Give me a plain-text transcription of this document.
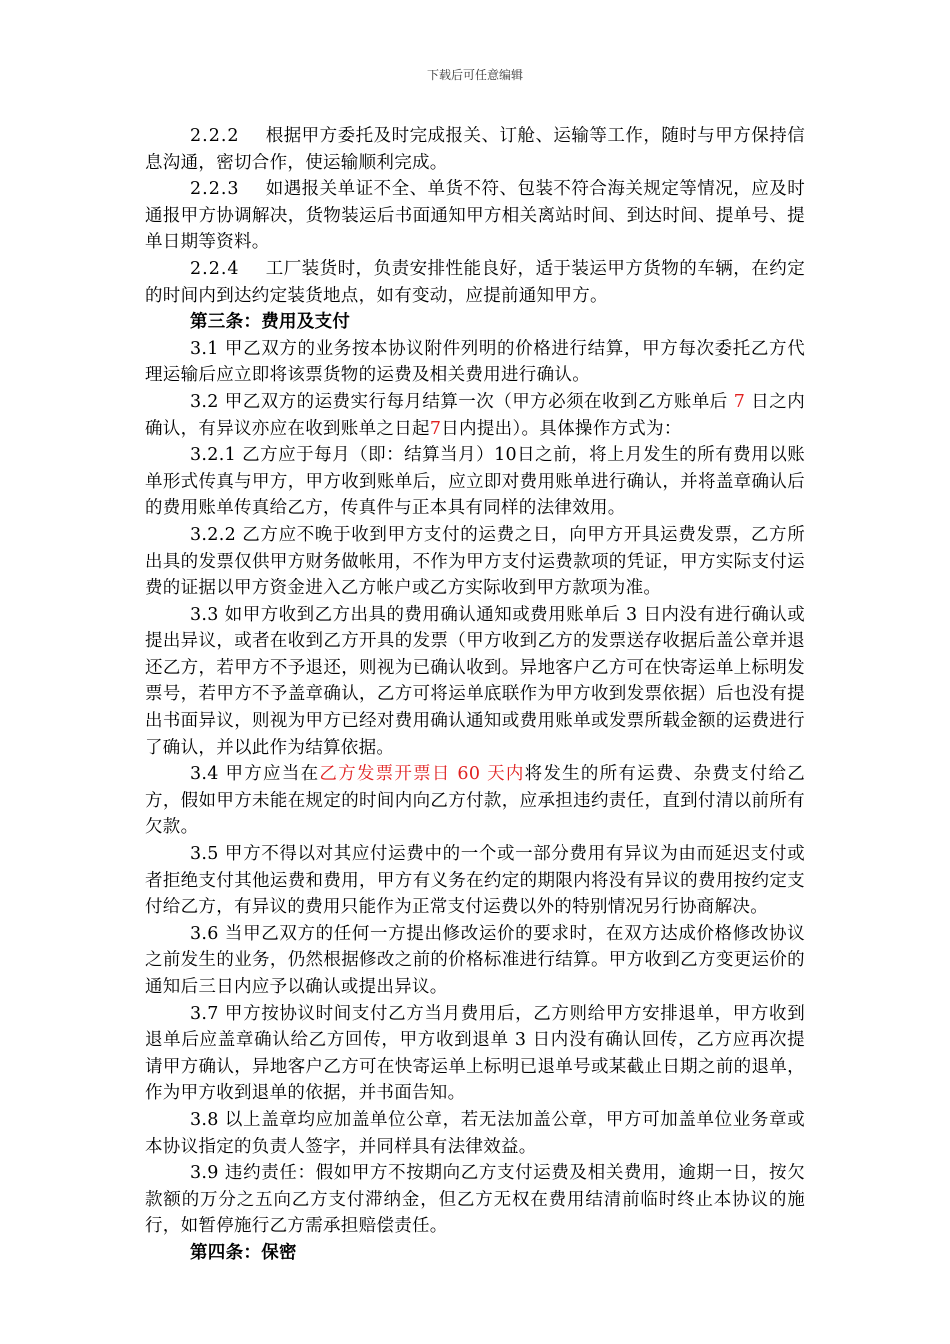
下载后可任意编辑

2.2.2 根据甲方委托及时完成报关、订舱、运输等工作，随时与甲方保持信息沟通，密切合作，使运输顺利完成。

2.2.3 如遇报关单证不全、单货不符、包装不符合海关规定等情况，应及时通报甲方协调解决，货物装运后书面通知甲方相关离站时间、到达时间、提单号、提单日期等资料。

2.2.4 工厂装货时，负责安排性能良好，适于装运甲方货物的车辆，在约定的时间内到达约定装货地点，如有变动，应提前通知甲方。

第三条：费用及支付

3.1 甲乙双方的业务按本协议附件列明的价格进行结算，甲方每次委托乙方代理运输后应立即将该票货物的运费及相关费用进行确认。

3.2 甲乙双方的运费实行每月结算一次（甲方必须在收到乙方账单后 7 日之内确认，有异议亦应在收到账单之日起7日内提出）。具体操作方式为：

3.2.1 乙方应于每月（即：结算当月）10日之前，将上月发生的所有费用以账单形式传真与甲方，甲方收到账单后，应立即对费用账单进行确认，并将盖章确认后的费用账单传真给乙方，传真件与正本具有同样的法律效用。

3.2.2 乙方应不晚于收到甲方支付的运费之日，向甲方开具运费发票，乙方所出具的发票仅供甲方财务做帐用，不作为甲方支付运费款项的凭证，甲方实际支付运费的证据以甲方资金进入乙方帐户或乙方实际收到甲方款项为准。

3.3 如甲方收到乙方出具的费用确认通知或费用账单后 3 日内没有进行确认或提出异议，或者在收到乙方开具的发票（甲方收到乙方的发票送存收据后盖公章并退还乙方，若甲方不予退还，则视为已确认收到。异地客户乙方可在快寄运单上标明发票号，若甲方不予盖章确认，乙方可将运单底联作为甲方收到发票依据）后也没有提出书面异议，则视为甲方已经对费用确认通知或费用账单或发票所载金额的运费进行了确认，并以此作为结算依据。

3.4 甲方应当在乙方发票开票日 60 天内将发生的所有运费、杂费支付给乙方，假如甲方未能在规定的时间内向乙方付款，应承担违约责任，直到付清以前所有欠款。

3.5 甲方不得以对其应付运费中的一个或一部分费用有异议为由而延迟支付或者拒绝支付其他运费和费用，甲方有义务在约定的期限内将没有异议的费用按约定支付给乙方，有异议的费用只能作为正常支付运费以外的特别情况另行协商解决。

3.6 当甲乙双方的任何一方提出修改运价的要求时，在双方达成价格修改协议之前发生的业务，仍然根据修改之前的价格标准进行结算。甲方收到乙方变更运价的通知后三日内应予以确认或提出异议。

3.7 甲方按协议时间支付乙方当月费用后，乙方则给甲方安排退单，甲方收到退单后应盖章确认给乙方回传，甲方收到退单 3 日内没有确认回传，乙方应再次提请甲方确认，异地客户乙方可在快寄运单上标明已退单号或某截止日期之前的退单，作为甲方收到退单的依据，并书面告知。

3.8 以上盖章均应加盖单位公章，若无法加盖公章，甲方可加盖单位业务章或本协议指定的负责人签字，并同样具有法律效益。

3.9 违约责任：假如甲方不按期向乙方支付运费及相关费用，逾期一日，按欠款额的万分之五向乙方支付滞纳金，但乙方无权在费用结清前临时终止本协议的施行，如暂停施行乙方需承担赔偿责任。

第四条：保密
